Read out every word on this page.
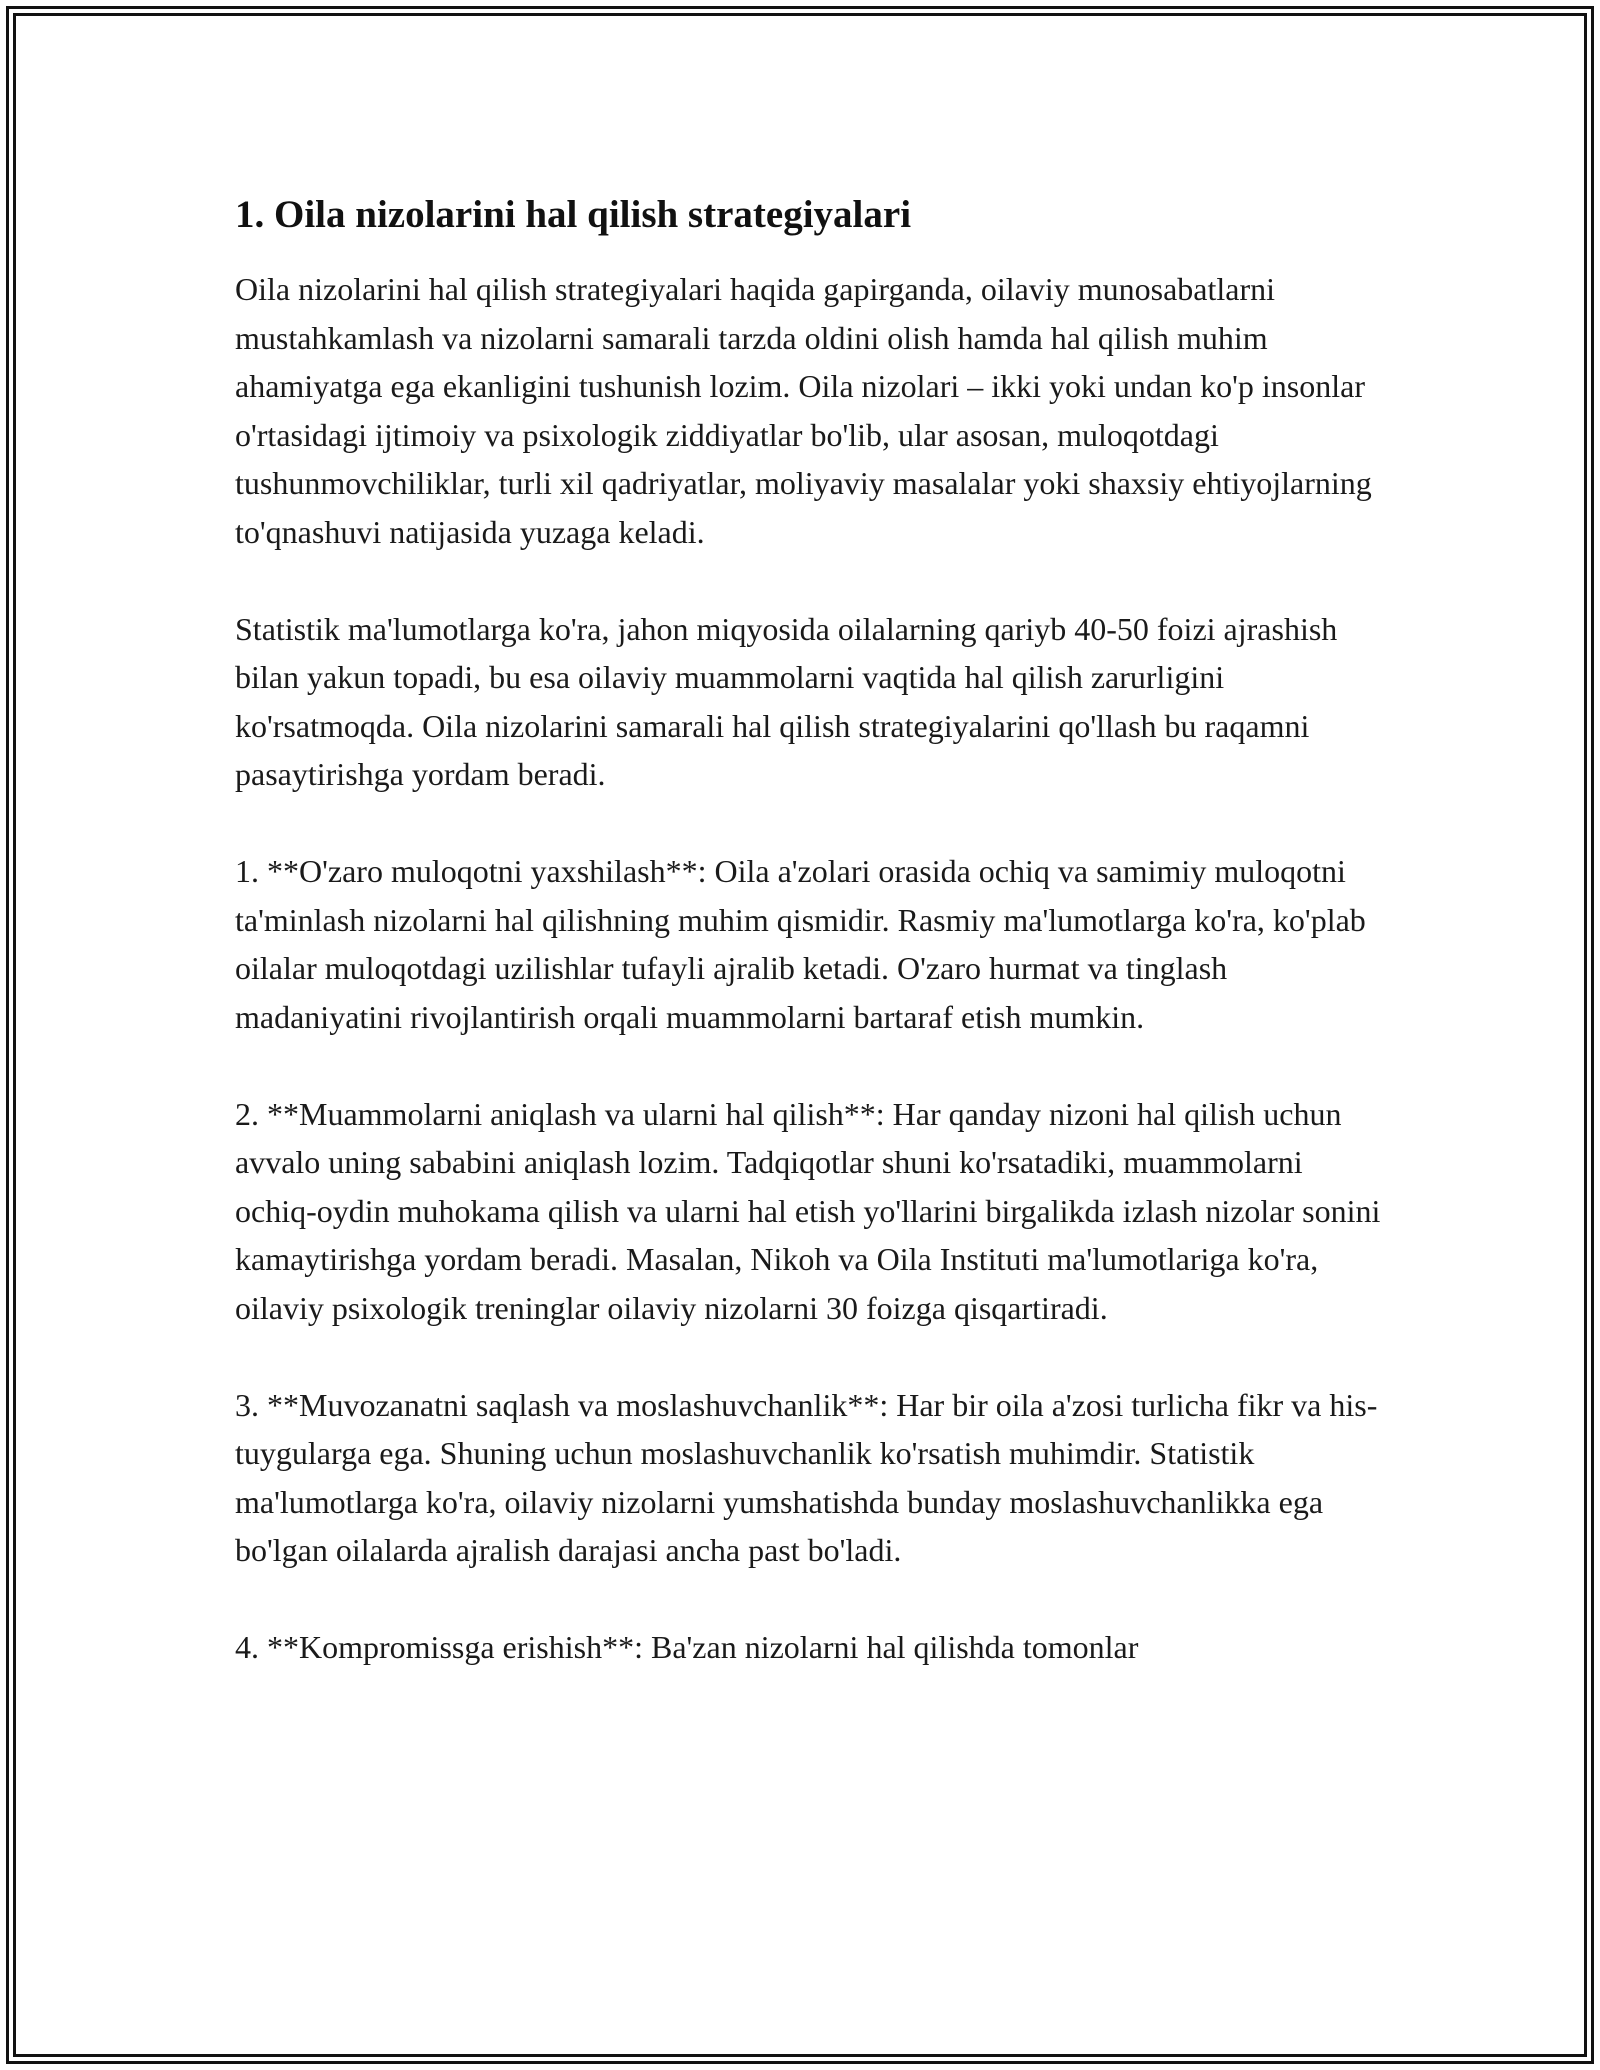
1. Oila nizolarini hal qilish strategiyalari

Oila nizolarini hal qilish strategiyalari haqida gapirganda, oilaviy munosabatlarni mustahkamlash va nizolarni samarali tarzda oldini olish hamda hal qilish muhim ahamiyatga ega ekanligini tushunish lozim. Oila nizolari – ikki yoki undan ko'p insonlar o'rtasidagi ijtimoiy va psixologik ziddiyatlar bo'lib, ular asosan, muloqotdagi tushunmovchiliklar, turli xil qadriyatlar, moliyaviy masalalar yoki shaxsiy ehtiyojlarning to'qnashuvi natijasida yuzaga keladi.

Statistik ma'lumotlarga ko'ra, jahon miqyosida oilalarning qariyb 40-50 foizi ajrashish bilan yakun topadi, bu esa oilaviy muammolarni vaqtida hal qilish zarurligini ko'rsatmoqda. Oila nizolarini samarali hal qilish strategiyalarini qo'llash bu raqamni pasaytirishga yordam beradi.

1. **O'zaro muloqotni yaxshilash**: Oila a'zolari orasida ochiq va samimiy muloqotni ta'minlash nizolarni hal qilishning muhim qismidir. Rasmiy ma'lumotlarga ko'ra, ko'plab oilalar muloqotdagi uzilishlar tufayli ajralib ketadi. O'zaro hurmat va tinglash madaniyatini rivojlantirish orqali muammolarni bartaraf etish mumkin.

2. **Muammolarni aniqlash va ularni hal qilish**: Har qanday nizoni hal qilish uchun avvalo uning sababini aniqlash lozim. Tadqiqotlar shuni ko'rsatadiki, muammolarni ochiq-oydin muhokama qilish va ularni hal etish yo'llarini birgalikda izlash nizolar sonini kamaytirishga yordam beradi. Masalan, Nikoh va Oila Instituti ma'lumotlariga ko'ra, oilaviy psixologik treninglar oilaviy nizolarni 30 foizga qisqartiradi.

3. **Muvozanatni saqlash va moslashuvchanlik**: Har bir oila a'zosi turlicha fikr va his-tuygularga ega. Shuning uchun moslashuvchanlik ko'rsatish muhimdir. Statistik ma'lumotlarga ko'ra, oilaviy nizolarni yumshatishda bunday moslashuvchanlikka ega bo'lgan oilalarda ajralish darajasi ancha past bo'ladi.

4. **Kompromissga erishish**: Ba'zan nizolarni hal qilishda tomonlar
